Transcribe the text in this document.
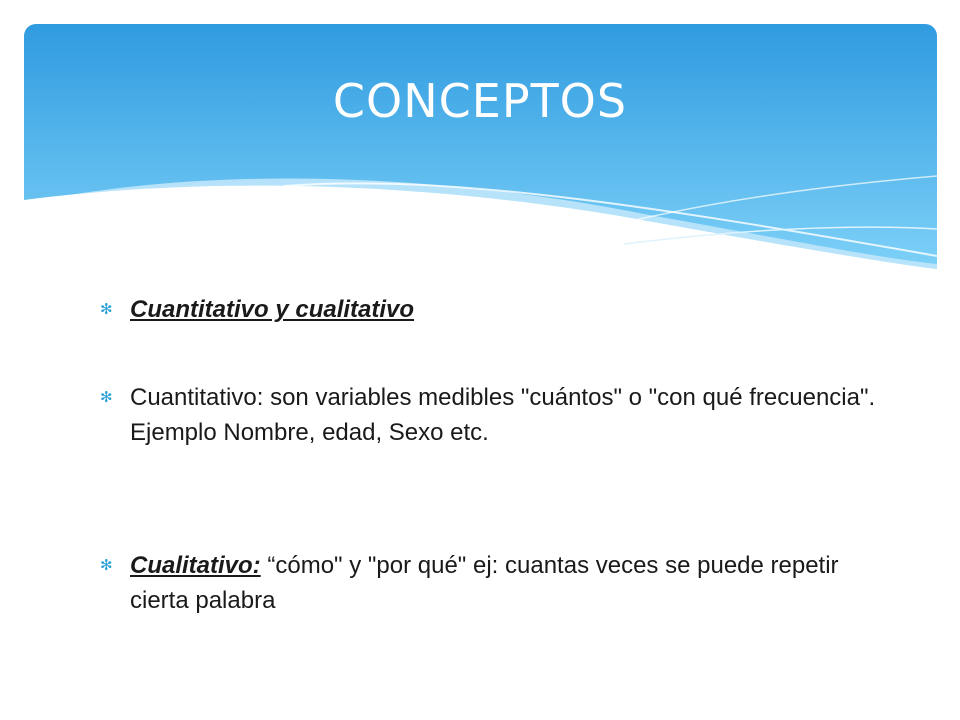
CONCEPTOS
✻ Cuantitativo y cualitativo
✻ Cuantitativo: son variables medibles "cuántos" o "con qué frecuencia". Ejemplo Nombre, edad, Sexo etc.
✻ Cualitativo: “cómo" y "por qué" ej: cuantas veces se puede repetir cierta palabra
